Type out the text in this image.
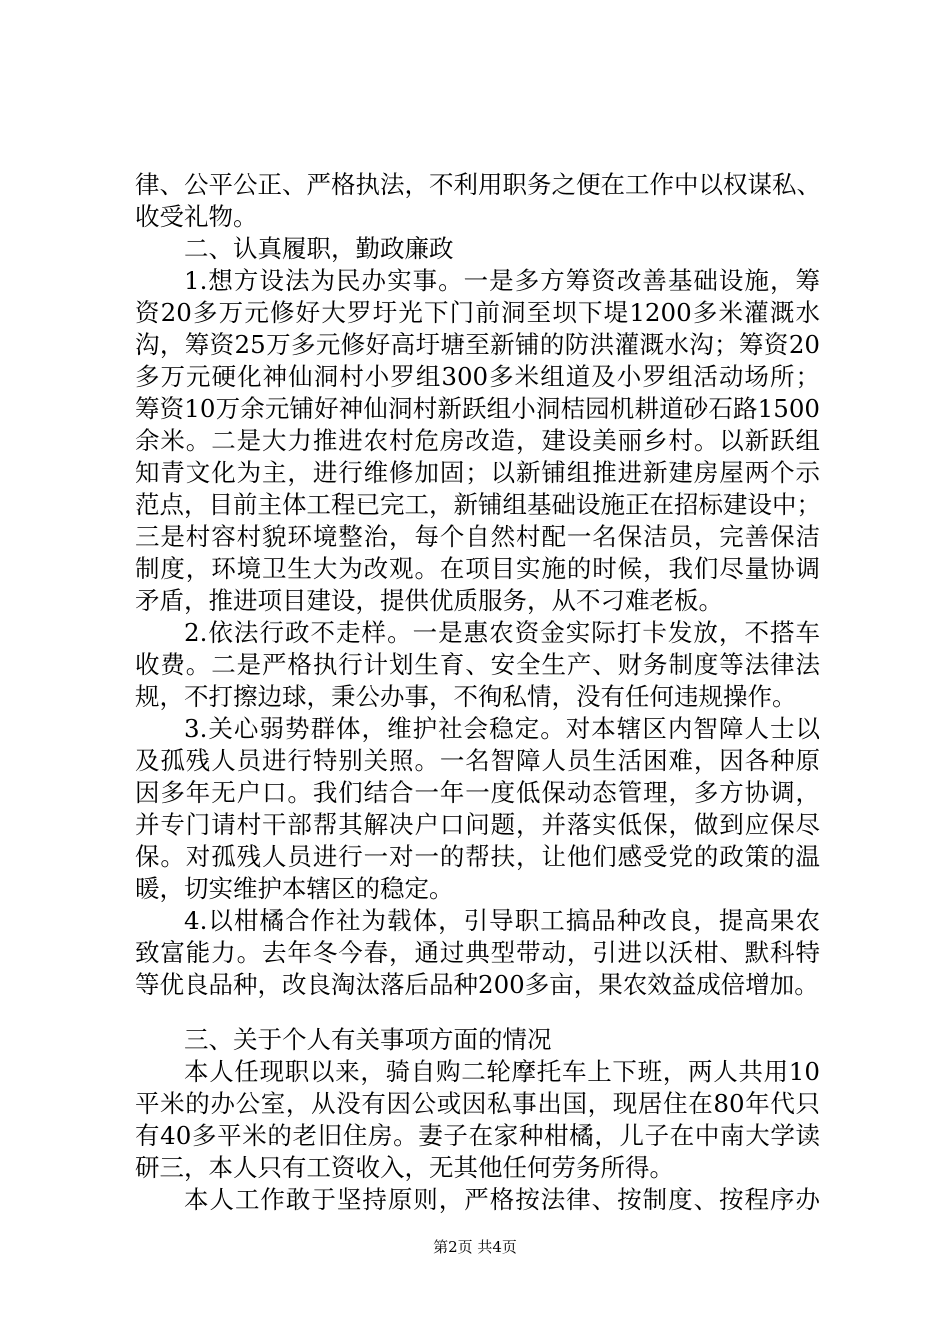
律、公平公正、严格执法，不利用职务之便在工作中以权谋私、
收受礼物。
二、认真履职，勤政廉政
1.想方设法为民办实事。一是多方筹资改善基础设施，筹
资20多万元修好大罗圩光下门前洞至坝下堤1200多米灌溉水
沟，筹资25万多元修好高圩塘至新铺的防洪灌溉水沟；筹资20
多万元硬化神仙洞村小罗组300多米组道及小罗组活动场所；
筹资10万余元铺好神仙洞村新跃组小洞桔园机耕道砂石路1500
余米。二是大力推进农村危房改造，建设美丽乡村。以新跃组
知青文化为主，进行维修加固；以新铺组推进新建房屋两个示
范点，目前主体工程已完工，新铺组基础设施正在招标建设中；
三是村容村貌环境整治，每个自然村配一名保洁员，完善保洁
制度，环境卫生大为改观。在项目实施的时候，我们尽量协调
矛盾，推进项目建设，提供优质服务，从不刁难老板。
2.依法行政不走样。一是惠农资金实际打卡发放，不搭车
收费。二是严格执行计划生育、安全生产、财务制度等法律法
规，不打擦边球，秉公办事，不徇私情，没有任何违规操作。
3.关心弱势群体，维护社会稳定。对本辖区内智障人士以
及孤残人员进行特别关照。一名智障人员生活困难，因各种原
因多年无户口。我们结合一年一度低保动态管理，多方协调，
并专门请村干部帮其解决户口问题，并落实低保，做到应保尽
保。对孤残人员进行一对一的帮扶，让他们感受党的政策的温
暖，切实维护本辖区的稳定。
4.以柑橘合作社为载体，引导职工搞品种改良，提高果农
致富能力。去年冬今春，通过典型带动，引进以沃柑、默科特
等优良品种，改良淘汰落后品种200多亩，果农效益成倍增加。
三、关于个人有关事项方面的情况
本人任现职以来，骑自购二轮摩托车上下班，两人共用10
平米的办公室，从没有因公或因私事出国，现居住在80年代只
有40多平米的老旧住房。妻子在家种柑橘，儿子在中南大学读
研三，本人只有工资收入，无其他任何劳务所得。
本人工作敢于坚持原则，严格按法律、按制度、按程序办
第2页 共4页
